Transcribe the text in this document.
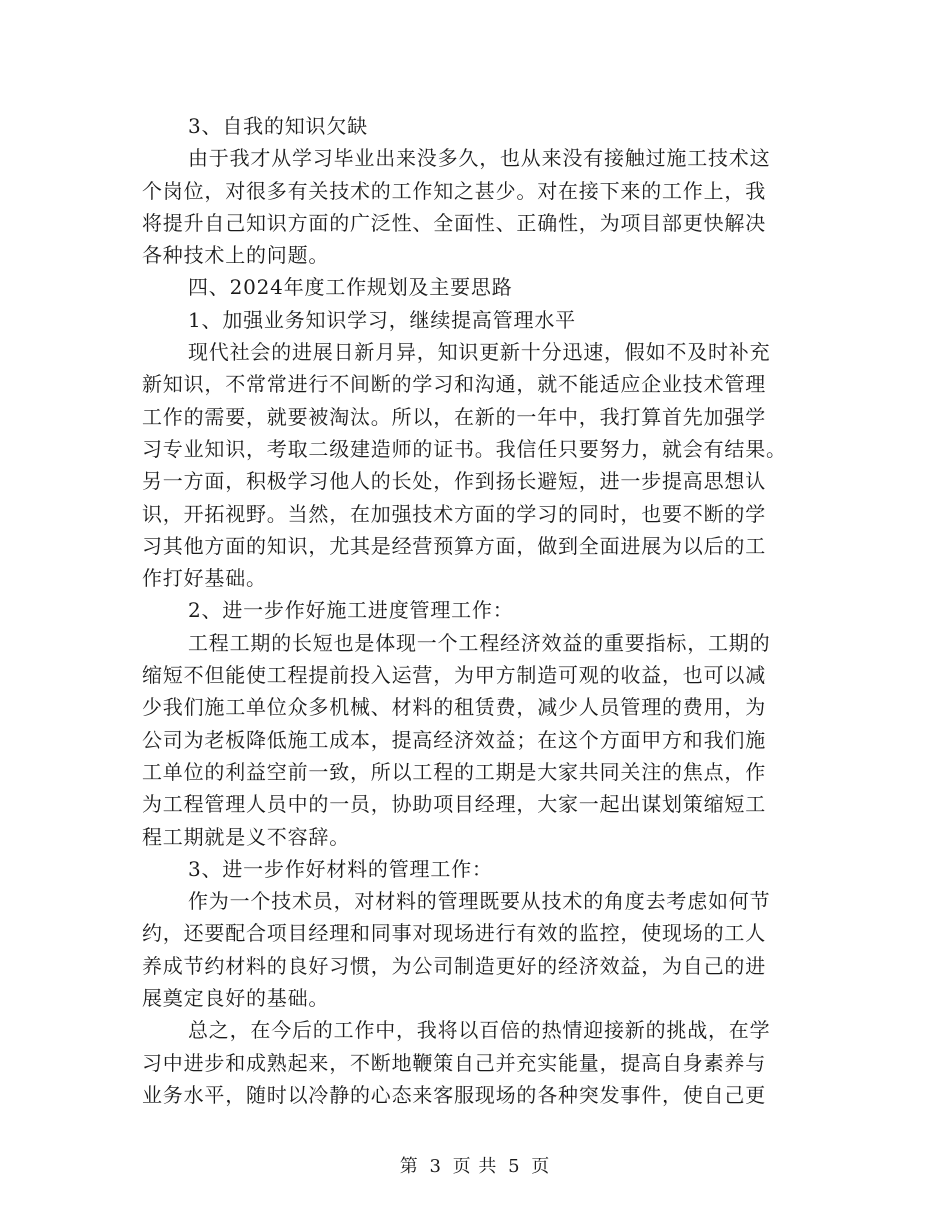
3、自我的知识欠缺

由于我才从学习毕业出来没多久，也从来没有接触过施工技术这

个岗位，对很多有关技术的工作知之甚少。对在接下来的工作上，我

将提升自己知识方面的广泛性、全面性、正确性，为项目部更快解决

各种技术上的问题。

四、2024年度工作规划及主要思路

1、加强业务知识学习，继续提高管理水平

现代社会的进展日新月异，知识更新十分迅速，假如不及时补充

新知识，不常常进行不间断的学习和沟通，就不能适应企业技术管理

工作的需要，就要被淘汰。所以，在新的一年中，我打算首先加强学

习专业知识，考取二级建造师的证书。我信任只要努力，就会有结果。

另一方面，积极学习他人的长处，作到扬长避短，进一步提高思想认

识，开拓视野。当然，在加强技术方面的学习的同时，也要不断的学

习其他方面的知识，尤其是经营预算方面，做到全面进展为以后的工

作打好基础。

2、进一步作好施工进度管理工作：

工程工期的长短也是体现一个工程经济效益的重要指标，工期的

缩短不但能使工程提前投入运营，为甲方制造可观的收益，也可以减

少我们施工单位众多机械、材料的租赁费，减少人员管理的费用，为

公司为老板降低施工成本，提高经济效益；在这个方面甲方和我们施

工单位的利益空前一致，所以工程的工期是大家共同关注的焦点，作

为工程管理人员中的一员，协助项目经理，大家一起出谋划策缩短工

程工期就是义不容辞。

3、进一步作好材料的管理工作：

作为一个技术员，对材料的管理既要从技术的角度去考虑如何节

约，还要配合项目经理和同事对现场进行有效的监控，使现场的工人

养成节约材料的良好习惯，为公司制造更好的经济效益，为自己的进

展奠定良好的基础。

总之，在今后的工作中，我将以百倍的热情迎接新的挑战，在学

习中进步和成熟起来，不断地鞭策自己并充实能量，提高自身素养与

业务水平，随时以冷静的心态来客服现场的各种突发事件，使自己更

第 3 页 共 5 页
